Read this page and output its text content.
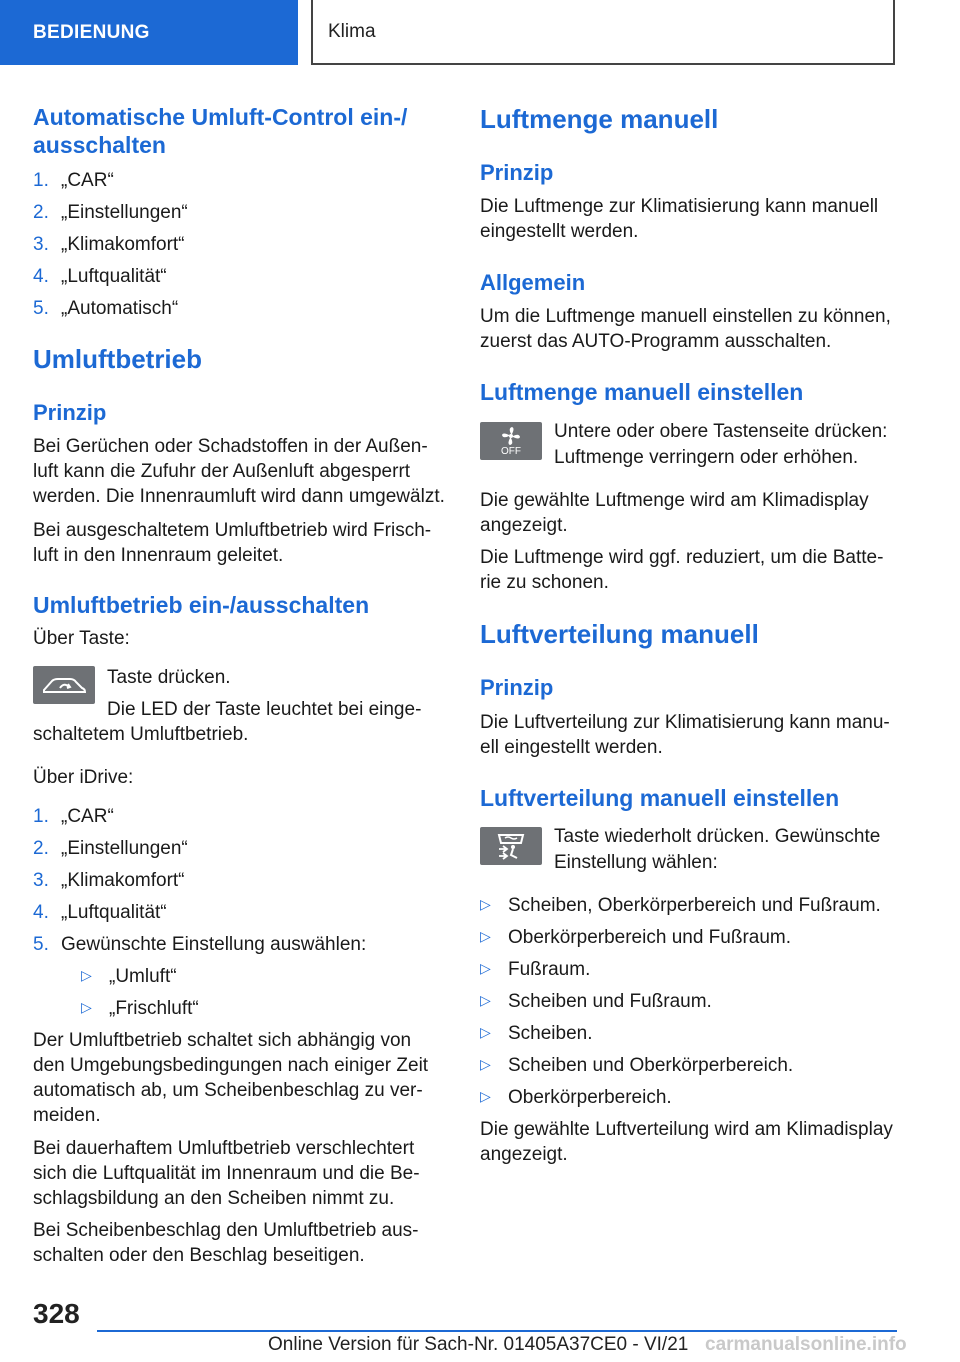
BEDIENUNG	Klima
Automatische Umluft-Control ein-/ ausschalten
1. „CAR“
2. „Einstellungen“
3. „Klimakomfort“
4. „Luftqualität“
5. „Automatisch“
Umluftbetrieb
Prinzip

Bei Gerüchen oder Schadstoffen in der Außen- luft kann die Zufuhr der Außenluft abgesperrt werden. Die Innenraumluft wird dann umgewälzt.

Bei ausgeschaltetem Umluftbetrieb wird Frisch- luft in den Innenraum geleitet.

Umluftbetrieb ein-/ausschalten

Über Taste:

Taste drücken.
Die LED der Taste leuchtet bei einge-

schaltetem Umluftbetrieb.

Über iDrive:

1. „CAR“
2. „Einstellungen“
3. „Klimakomfort“
4. „Luftqualität“
5. Gewünschte Einstellung auswählen:
▷ „Umluft“
▷ „Frischluft“

Der Umluftbetrieb schaltet sich abhängig von den Umgebungsbedingungen nach einiger Zeit automatisch ab, um Scheibenbeschlag zu ver- meiden.

Bei dauerhaftem Umluftbetrieb verschlechtert sich die Luftqualität im Innenraum und die Be- schlagsbildung an den Scheiben nimmt zu.

Bei Scheibenbeschlag den Umluftbetrieb aus- schalten oder den Beschlag beseitigen.

Luftmenge manuell
Prinzip

Die Luftmenge zur Klimatisierung kann manuell eingestellt werden.

Allgemein

Um die Luftmenge manuell einstellen zu können, zuerst das AUTO-Programm ausschalten.

Luftmenge manuell einstellen
OFF
Untere oder obere Tastenseite drücken:
Luftmenge verringern oder erhöhen.

Die gewählte Luftmenge wird am Klimadisplay angezeigt.

Die Luftmenge wird ggf. reduziert, um die Batte- rie zu schonen.

Luftverteilung manuell
Prinzip

Die Luftverteilung zur Klimatisierung kann manu- ell eingestellt werden.

Luftverteilung manuell einstellen
Taste wiederholt drücken. Gewünschte
Einstellung wählen:
▷ Scheiben, Oberkörperbereich und Fußraum.
▷ Oberkörperbereich und Fußraum.
▷ Fußraum.
▷ Scheiben und Fußraum.
▷ Scheiben.
▷ Scheiben und Oberkörperbereich.
▷ Oberkörperbereich.

Die gewählte Luftverteilung wird am Klimadisplay angezeigt.

328
Online Version für Sach-Nr. 01405A37CE0 - VI/21 carmanualsonline.info
